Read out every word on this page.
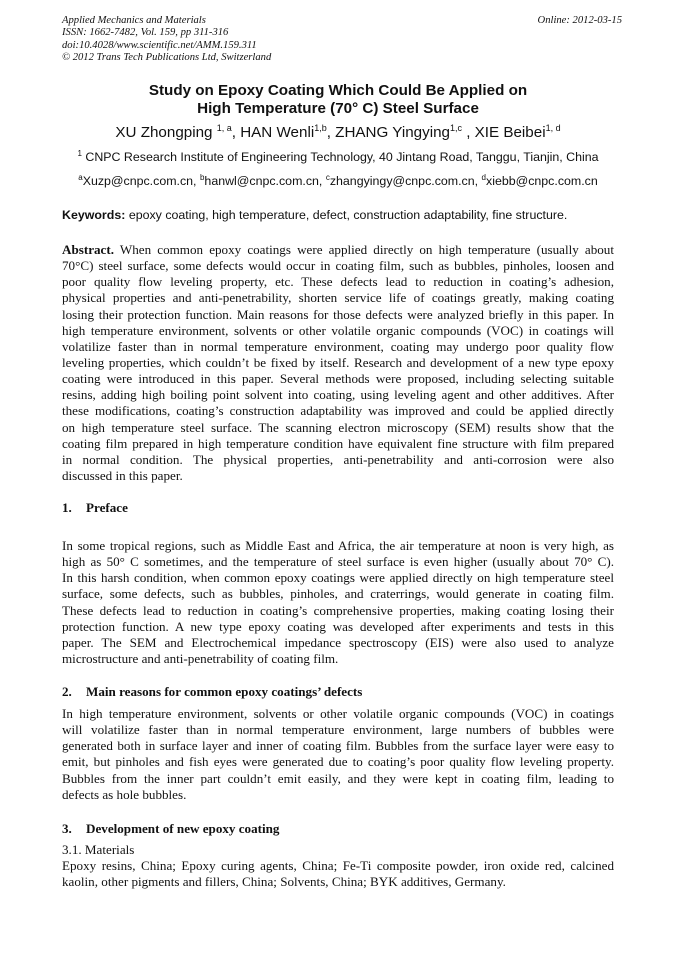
Applied Mechanics and Materials
ISSN: 1662-7482, Vol. 159, pp 311-316
doi:10.4028/www.scientific.net/AMM.159.311
© 2012 Trans Tech Publications Ltd, Switzerland
Online: 2012-03-15
Study on Epoxy Coating Which Could Be Applied on
High Temperature (70° C) Steel Surface
XU Zhongping $^{1, a}$, HAN Wenli$^{1,b}$, ZHANG Yingying$^{1,c}$ , XIE Beibei$^{1, d}$
$^1$ CNPC Research Institute of Engineering Technology, 40 Jintang Road, Tanggu, Tianjin, China
$^a$Xuzp@cnpc.com.cn, $^b$hanwl@cnpc.com.cn, $^c$zhangyingy@cnpc.com.cn, $^d$xiebb@cnpc.com.cn
Keywords: epoxy coating, high temperature, defect, construction adaptability, fine structure.
Abstract. When common epoxy coatings were applied directly on high temperature (usually about
70°C) steel surface, some defects would occur in coating film, such as bubbles, pinholes, loosen and
poor quality flow leveling property, etc. These defects lead to reduction in coating’s adhesion,
physical properties and anti-penetrability, shorten service life of coatings greatly, making coating
losing their protection function. Main reasons for those defects were analyzed briefly in this paper. In
high temperature environment, solvents or other volatile organic compounds (VOC) in coatings will
volatilize faster than in normal temperature environment, coating may undergo poor quality flow
leveling properties, which couldn’t be fixed by itself. Research and development of a new type epoxy
coating were introduced in this paper. Several methods were proposed, including selecting suitable
resins, adding high boiling point solvent into coating, using leveling agent and other additives. After
these modifications, coating’s construction adaptability was improved and could be applied directly
on high temperature steel surface. The scanning electron microscopy (SEM) results show that the
coating film prepared in high temperature condition have equivalent fine structure with film prepared
in normal condition. The physical properties, anti-penetrability and anti-corrosion were also
discussed in this paper.
1. Preface
In some tropical regions, such as Middle East and Africa, the air temperature at noon is very high, as
high as 50° C sometimes, and the temperature of steel surface is even higher (usually about 70° C).
In this harsh condition, when common epoxy coatings were applied directly on high temperature steel
surface, some defects, such as bubbles, pinholes, and craterrings, would generate in coating film.
These defects lead to reduction in coating’s comprehensive properties, making coating losing their
protection function. A new type epoxy coating was developed after experiments and tests in this
paper. The SEM and Electrochemical impedance spectroscopy (EIS) were also used to analyze
microstructure and anti-penetrability of coating film.
2. Main reasons for common epoxy coatings’ defects
In high temperature environment, solvents or other volatile organic compounds (VOC) in coatings
will volatilize faster than in normal temperature environment, large numbers of bubbles were
generated both in surface layer and inner of coating film. Bubbles from the surface layer were easy to
emit, but pinholes and fish eyes were generated due to coating’s poor quality flow leveling property.
Bubbles from the inner part couldn’t emit easily, and they were kept in coating film, leading to
defects as hole bubbles.
3. Development of new epoxy coating
3.1. Materials
Epoxy resins, China; Epoxy curing agents, China; Fe-Ti composite powder, iron oxide red, calcined
kaolin, other pigments and fillers, China; Solvents, China; BYK additives, Germany.
